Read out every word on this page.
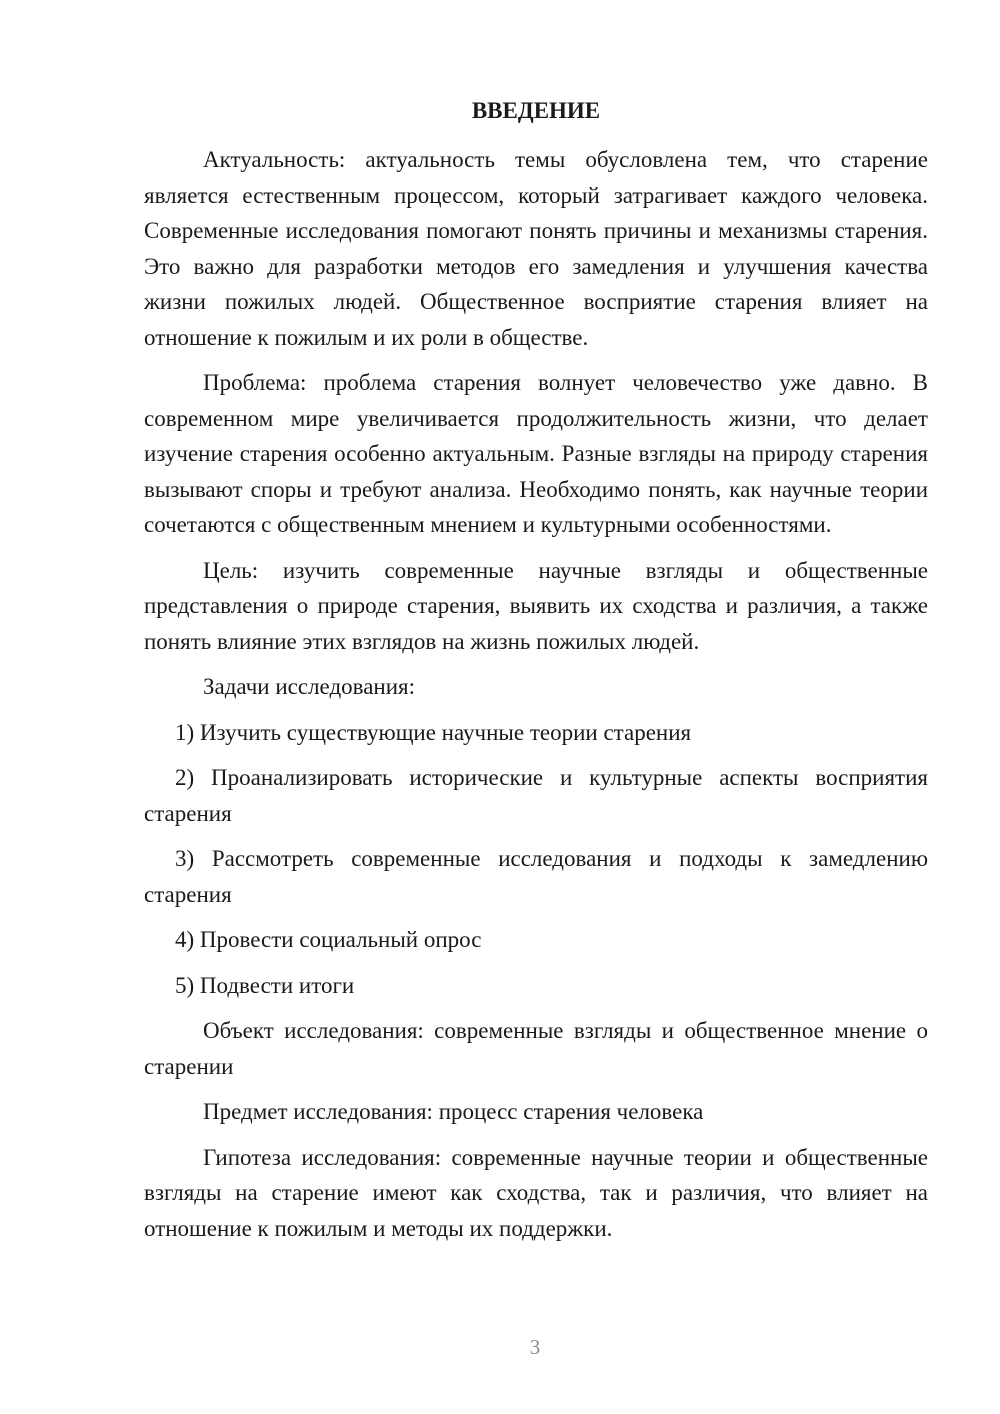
ВВЕДЕНИЕ

Актуальность: актуальность темы обусловлена тем, что старение является естественным процессом, который затрагивает каждого человека. Современные исследования помогают понять причины и механизмы старения. Это важно для разработки методов его замедления и улучшения качества жизни пожилых людей. Общественное восприятие старения влияет на отношение к пожилым и их роли в обществе.

Проблема: проблема старения волнует человечество уже давно. В современном мире увеличивается продолжительность жизни, что делает изучение старения особенно актуальным. Разные взгляды на природу старения вызывают споры и требуют анализа. Необходимо понять, как научные теории сочетаются с общественным мнением и культурными особенностями.

Цель: изучить современные научные взгляды и общественные представления о природе старения, выявить их сходства и различия, а также понять влияние этих взглядов на жизнь пожилых людей.

Задачи исследования:

1) Изучить существующие научные теории старения

2) Проанализировать исторические и культурные аспекты восприятия старения

3) Рассмотреть современные исследования и подходы к замедлению старения

4) Провести социальный опрос

5) Подвести итоги

Объект исследования: современные взгляды и общественное мнение о старении

Предмет исследования: процесс старения человека

Гипотеза исследования: современные научные теории и общественные взгляды на старение имеют как сходства, так и различия, что влияет на отношение к пожилым и методы их поддержки.

3
